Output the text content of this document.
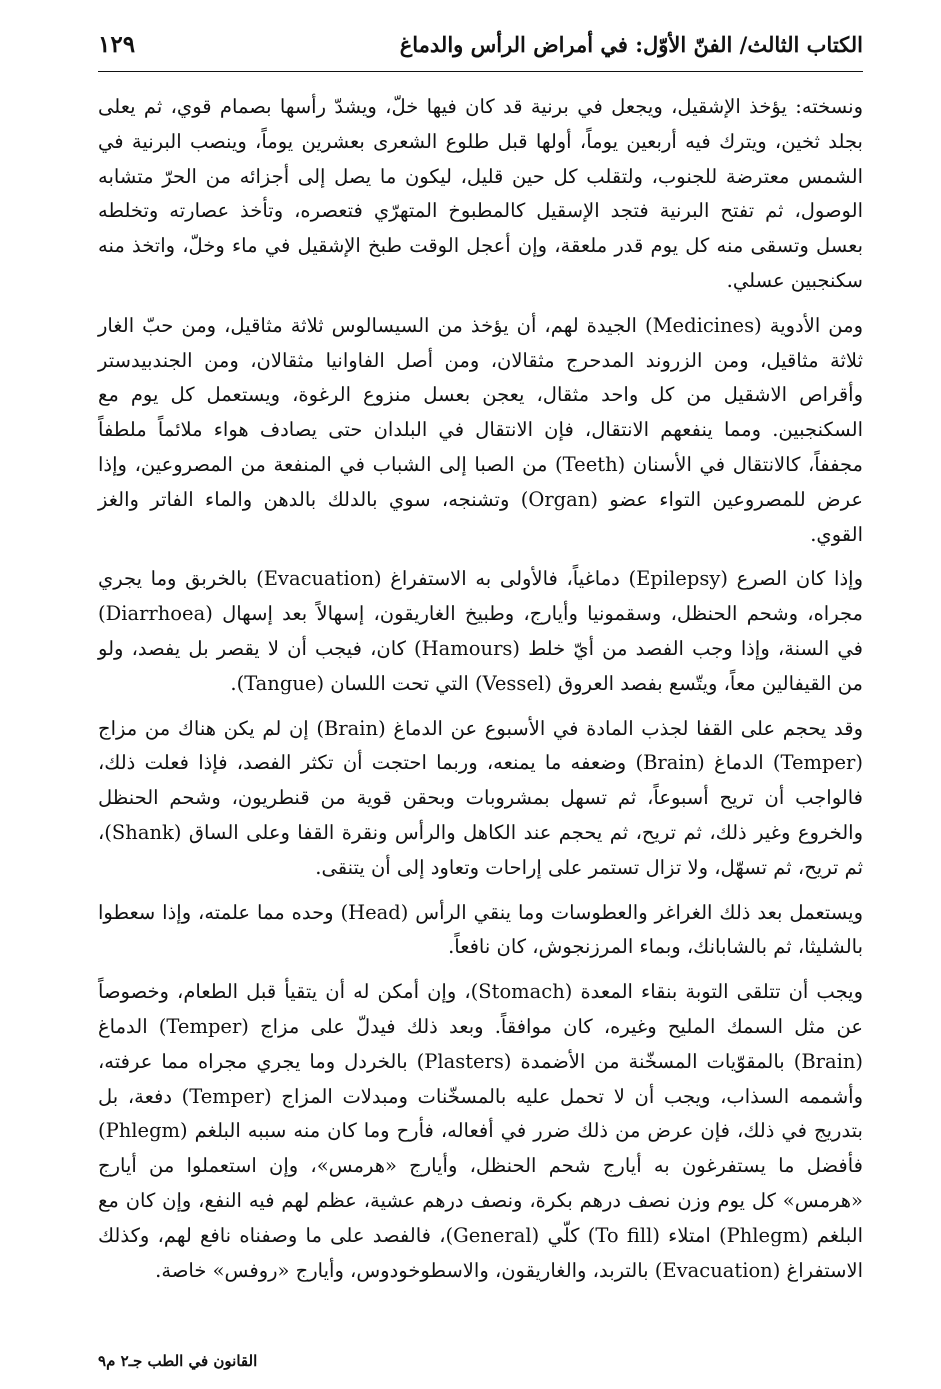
الكتاب الثالث/ الفنّ الأوّل: في أمراض الرأس والدماغ
١٢٩

ونسخته: يؤخذ الإشقيل، ويجعل في برنية قد كان فيها خلّ، ويشدّ رأسها بصمام قوي، ثم يعلى بجلد ثخين، ويترك فيه أربعين يوماً، أولها قبل طلوع الشعرى بعشرين يوماً، وينصب البرنية في الشمس معترضة للجنوب، ولتقلب كل حين قليل، ليكون ما يصل إلى أجزائه من الحرّ متشابه الوصول، ثم تفتح البرنية فتجد الإسقيل كالمطبوخ المتهرّي فتعصره، وتأخذ عصارته وتخلطه بعسل وتسقى منه كل يوم قدر ملعقة، وإن أعجل الوقت طبخ الإشقيل في ماء وخلّ، واتخذ منه سكنجبين عسلي.

ومن الأدوية (Medicines) الجيدة لهم، أن يؤخذ من السيسالوس ثلاثة مثاقيل، ومن حبّ الغار ثلاثة مثاقيل، ومن الزروند المدحرج مثقالان، ومن أصل الفاوانيا مثقالان، ومن الجندبيدستر وأقراص الاشقيل من كل واحد مثقال، يعجن بعسل منزوع الرغوة، ويستعمل كل يوم مع السكنجبين. ومما ينفعهم الانتقال، فإن الانتقال في البلدان حتى يصادف هواء ملائماً ملطفاً مجففاً، كالانتقال في الأسنان (Teeth) من الصبا إلى الشباب في المنفعة من المصروعين، وإذا عرض للمصروعين التواء عضو (Organ) وتشنجه، سوي بالدلك بالدهن والماء الفاتر والغز القوي.

وإذا كان الصرع (Epilepsy) دماغياً، فالأولى به الاستفراغ (Evacuation) بالخربق وما يجري مجراه، وشحم الحنظل، وسقمونيا وأيارج، وطبيخ الغاريقون، إسهالاً بعد إسهال (Diarrhoea) في السنة، وإذا وجب الفصد من أيّ خلط (Hamours) كان، فيجب أن لا يقصر بل يفصد، ولو من القيفالين معاً، ويتّسع بفصد العروق (Vessel) التي تحت اللسان (Tangue).

وقد يحجم على القفا لجذب المادة في الأسبوع عن الدماغ (Brain) إن لم يكن هناك من مزاج (Temper) الدماغ (Brain) وضعفه ما يمنعه، وربما احتجت أن تكثر الفصد، فإذا فعلت ذلك، فالواجب أن تريح أسبوعاً، ثم تسهل بمشروبات وبحقن قوية من قنطريون، وشحم الحنظل والخروع وغير ذلك، ثم تريح، ثم يحجم عند الكاهل والرأس ونقرة القفا وعلى الساق (Shank)، ثم تريح، ثم تسهّل، ولا تزال تستمر على إراحات وتعاود إلى أن يتنقى.

ويستعمل بعد ذلك الغراغر والعطوسات وما ينقي الرأس (Head) وحده مما علمته، وإذا سعطوا بالشليثا، ثم بالشابانك، وبماء المرزنجوش، كان نافعاً.

ويجب أن تتلقى التوبة بنقاء المعدة (Stomach)، وإن أمكن له أن يتقيأ قبل الطعام، وخصوصاً عن مثل السمك المليح وغيره، كان موافقاً. وبعد ذلك فيدلّ على مزاج (Temper) الدماغ (Brain) بالمقوّيات المسخّنة من الأضمدة (Plasters) بالخردل وما يجري مجراه مما عرفته، وأشممه السذاب، ويجب أن لا تحمل عليه بالمسخّنات ومبدلات المزاج (Temper) دفعة، بل بتدريج في ذلك، فإن عرض من ذلك ضرر في أفعاله، فأرح وما كان منه سببه البلغم (Phlegm) فأفضل ما يستفرغون به أيارج شحم الحنظل، وأيارج «هرمس»، وإن استعملوا من أيارج «هرمس» كل يوم وزن نصف درهم بكرة، ونصف درهم عشية، عظم لهم فيه النفع، وإن كان مع البلغم (Phlegm) امتلاء (To fill) كلّي (General)، فالفصد على ما وصفناه نافع لهم، وكذلك الاستفراغ (Evacuation) بالتربد، والغاريقون، والاسطوخودوس، وأيارج «روفس» خاصة.

القانون في الطب جـ٢ م٩
